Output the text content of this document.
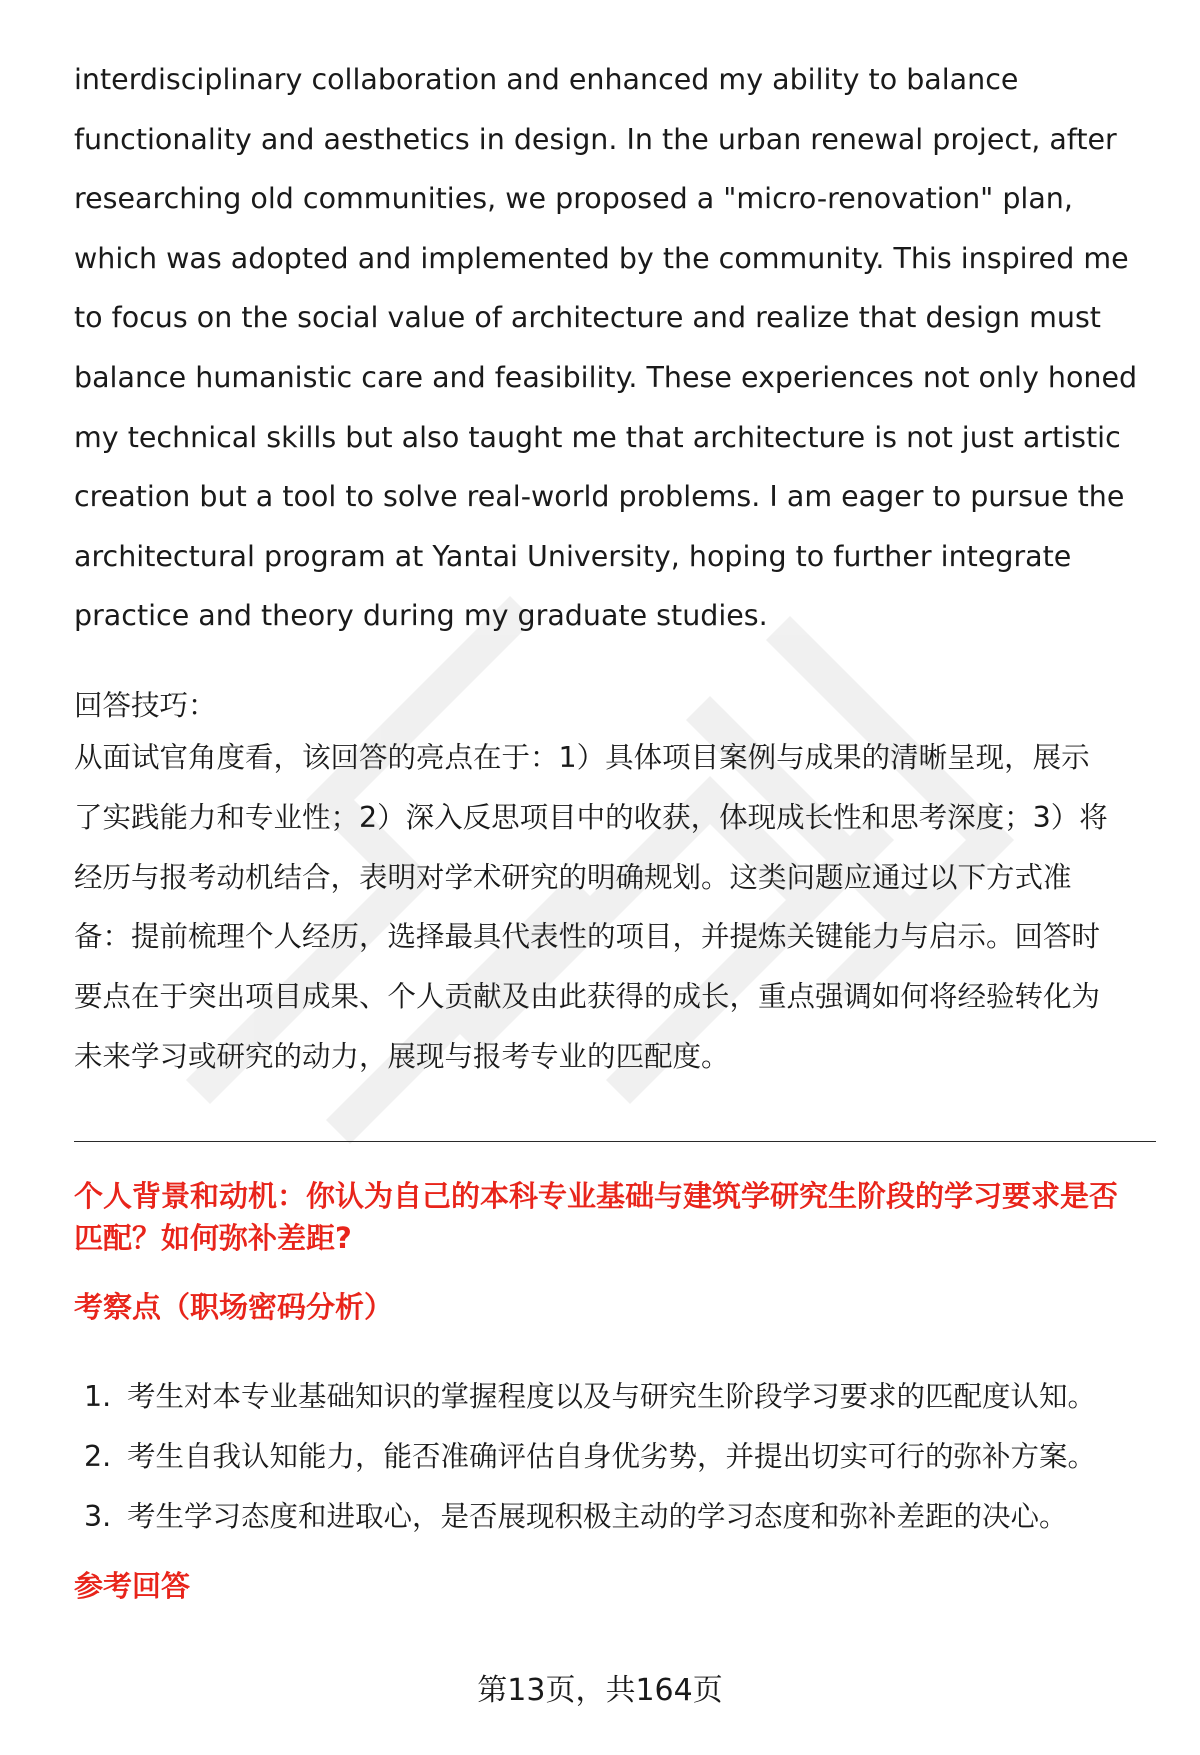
interdisciplinary collaboration and enhanced my ability to balance
functionality and aesthetics in design. In the urban renewal project, after
researching old communities, we proposed a "micro-renovation" plan,
which was adopted and implemented by the community. This inspired me
to focus on the social value of architecture and realize that design must
balance humanistic care and feasibility. These experiences not only honed
my technical skills but also taught me that architecture is not just artistic
creation but a tool to solve real-world problems. I am eager to pursue the
architectural program at Yantai University, hoping to further integrate
practice and theory during my graduate studies.
回答技巧：
从面试官角度看，该回答的亮点在于：1）具体项目案例与成果的清晰呈现，展示
了实践能力和专业性；2）深入反思项目中的收获，体现成长性和思考深度；3）将
经历与报考动机结合，表明对学术研究的明确规划。这类问题应通过以下方式准
备：提前梳理个人经历，选择最具代表性的项目，并提炼关键能力与启示。回答时
要点在于突出项目成果、个人贡献及由此获得的成长，重点强调如何将经验转化为
未来学习或研究的动力，展现与报考专业的匹配度。
个人背景和动机：你认为自己的本科专业基础与建筑学研究生阶段的学习要求是否
匹配？如何弥补差距?
考察点（职场密码分析）
1. 考生对本专业基础知识的掌握程度以及与研究生阶段学习要求的匹配度认知。
2. 考生自我认知能力，能否准确评估自身优劣势，并提出切实可行的弥补方案。
3. 考生学习态度和进取心，是否展现积极主动的学习态度和弥补差距的决心。
参考回答
第13页，共164页
